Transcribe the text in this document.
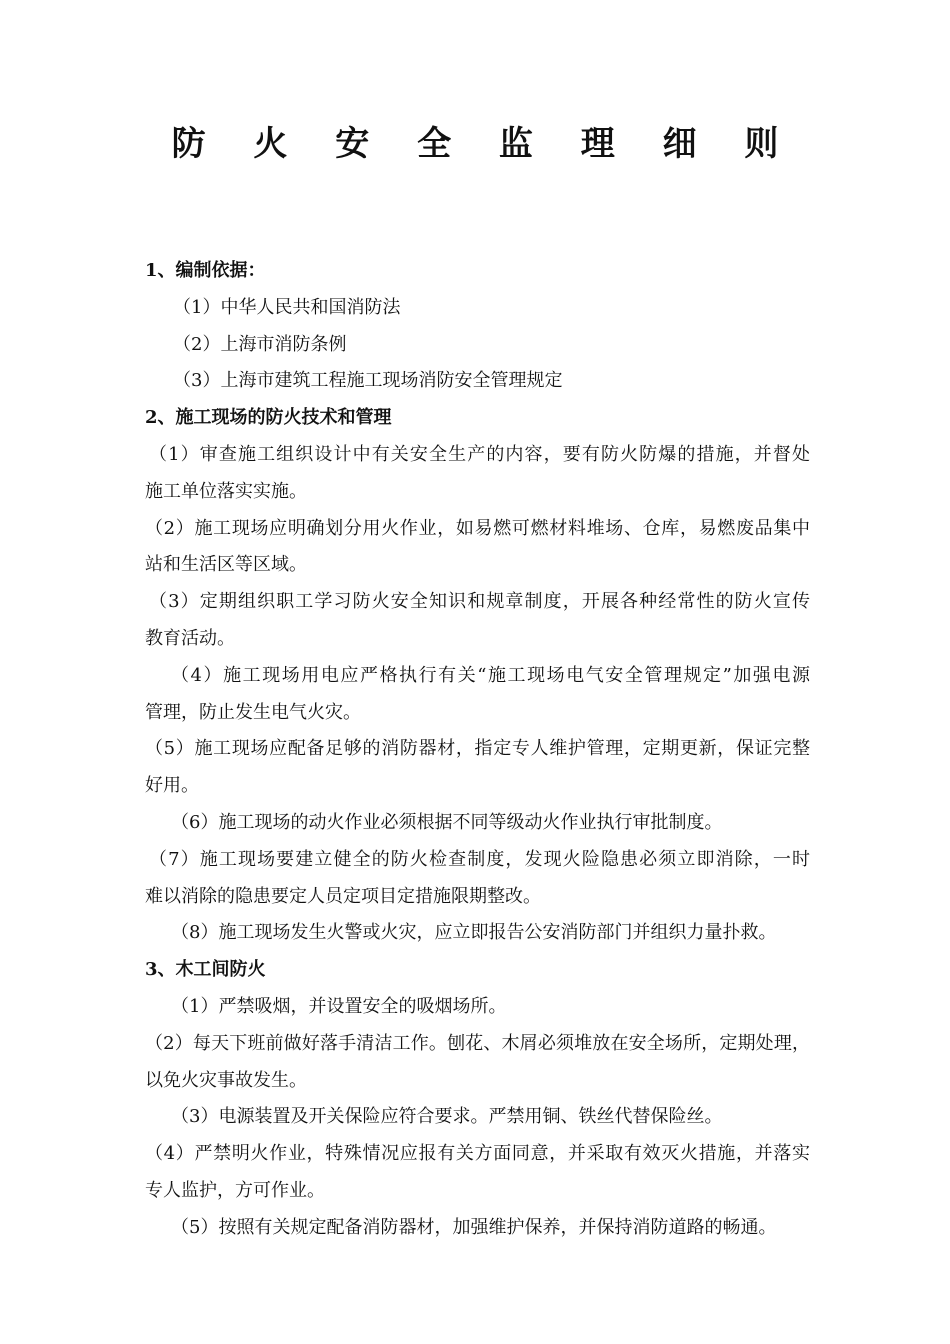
防 火 安 全 监 理 细 则
1、编制依据：
（1）中华人民共和国消防法
（2）上海市消防条例
（3）上海市建筑工程施工现场消防安全管理规定
2、施工现场的防火技术和管理
（1）审查施工组织设计中有关安全生产的内容，要有防火防爆的措施，并督处
施工单位落实实施。
（2）施工现场应明确划分用火作业，如易燃可燃材料堆场、仓库，易燃废品集中
站和生活区等区域。
（3）定期组织职工学习防火安全知识和规章制度，开展各种经常性的防火宣传
教育活动。
（4）施工现场用电应严格执行有关“施工现场电气安全管理规定”加强电源
管理，防止发生电气火灾。
（5）施工现场应配备足够的消防器材，指定专人维护管理，定期更新，保证完整
好用。
（6）施工现场的动火作业必须根据不同等级动火作业执行审批制度。
（7）施工现场要建立健全的防火检查制度，发现火险隐患必须立即消除，一时
难以消除的隐患要定人员定项目定措施限期整改。
（8）施工现场发生火警或火灾，应立即报告公安消防部门并组织力量扑救。
3、木工间防火
（1）严禁吸烟，并设置安全的吸烟场所。
（2）每天下班前做好落手清洁工作。刨花、木屑必须堆放在安全场所，定期处理，
以免火灾事故发生。
（3）电源装置及开关保险应符合要求。严禁用铜、铁丝代替保险丝。
（4）严禁明火作业，特殊情况应报有关方面同意，并采取有效灭火措施，并落实
专人监护，方可作业。
（5）按照有关规定配备消防器材，加强维护保养，并保持消防道路的畅通。
